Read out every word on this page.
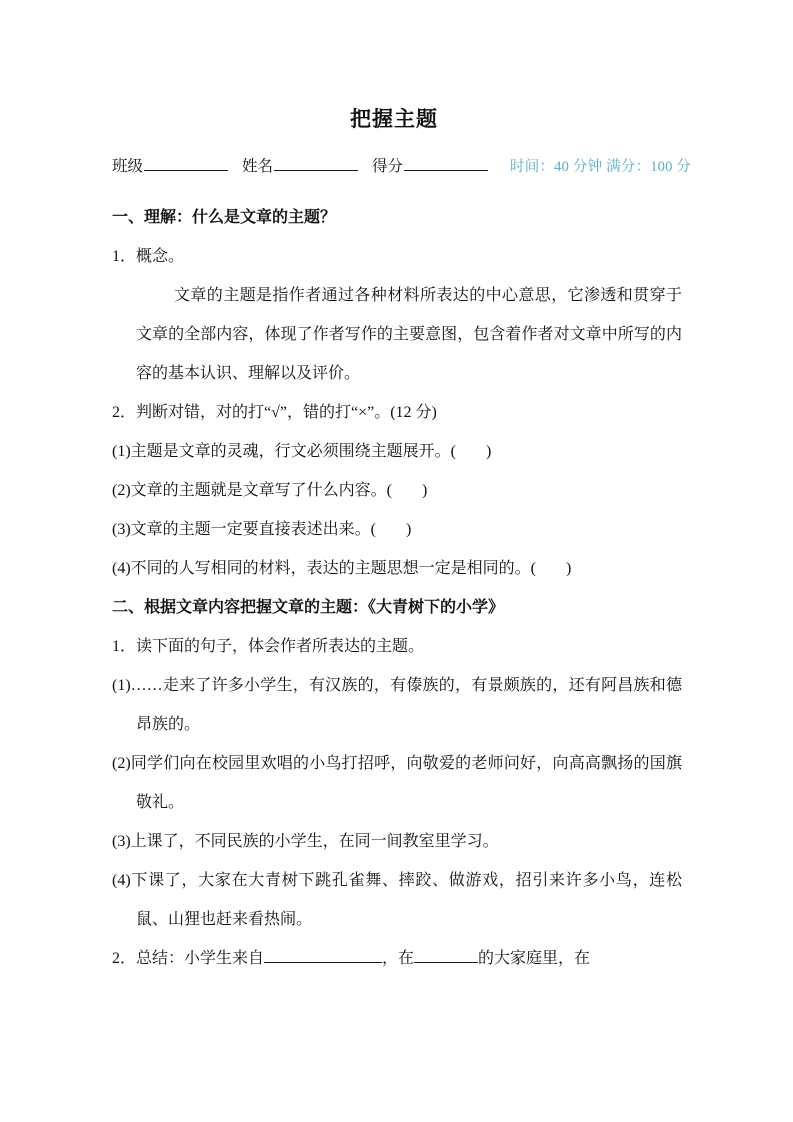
把握主题
班级	姓名	得分	时间：40 分钟 满分：100 分
一、理解：什么是文章的主题？
1．概念。
文章的主题是指作者通过各种材料所表达的中心意思，它渗透和贯穿于文章的全部内容，体现了作者写作的主要意图，包含着作者对文章中所写的内容的基本认识、理解以及评价。
2．判断对错，对的打“√”，错的打“×”。(12 分)
(1)主题是文章的灵魂，行文必须围绕主题展开。( )
(2)文章的主题就是文章写了什么内容。( )
(3)文章的主题一定要直接表述出来。( )
(4)不同的人写相同的材料，表达的主题思想一定是相同的。( )
二、根据文章内容把握文章的主题：《大青树下的小学》
1．读下面的句子，体会作者所表达的主题。
(1)……走来了许多小学生，有汉族的，有傣族的，有景颇族的，还有阿昌族和德昂族的。
(2)同学们向在校园里欢唱的小鸟打招呼，向敬爱的老师问好，向高高飘扬的国旗敬礼。
(3)上课了，不同民族的小学生，在同一间教室里学习。
(4)下课了，大家在大青树下跳孔雀舞、摔跤、做游戏，招引来许多小鸟，连松鼠、山狸也赶来看热闹。
2．总结：小学生来自	，在	的大家庭里，在
